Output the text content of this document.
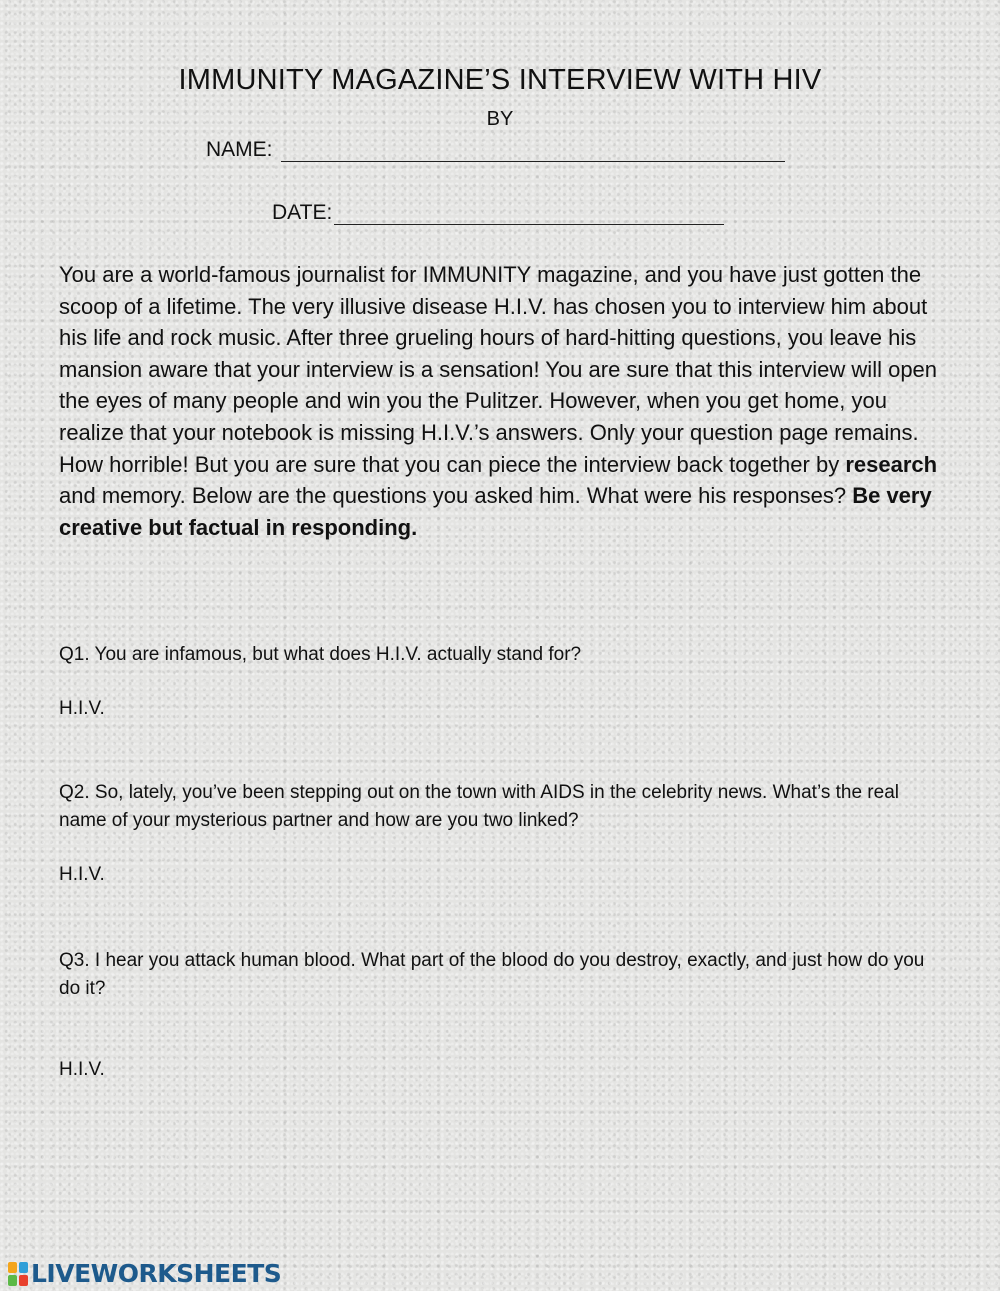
IMMUNITY MAGAZINE’S INTERVIEW WITH HIV
BY
NAME:
DATE:

You are a world-famous journalist for IMMUNITY magazine, and you have just gotten the scoop of a lifetime. The very illusive disease H.I.V. has chosen you to interview him about his life and rock music. After three grueling hours of hard-hitting questions, you leave his mansion aware that your interview is a sensation! You are sure that this interview will open the eyes of many people and win you the Pulitzer. However, when you get home, you realize that your notebook is missing H.I.V.’s answers. Only your question page remains. How horrible! But you are sure that you can piece the interview back together by research and memory. Below are the questions you asked him. What were his responses? Be very creative but factual in responding.

Q1. You are infamous, but what does H.I.V. actually stand for?

H.I.V.

Q2. So, lately, you’ve been stepping out on the town with AIDS in the celebrity news. What’s the real name of your mysterious partner and how are you two linked?

H.I.V.

Q3. I hear you attack human blood. What part of the blood do you destroy, exactly, and just how do you do it?

H.I.V.

LIVEWORKSHEETS
